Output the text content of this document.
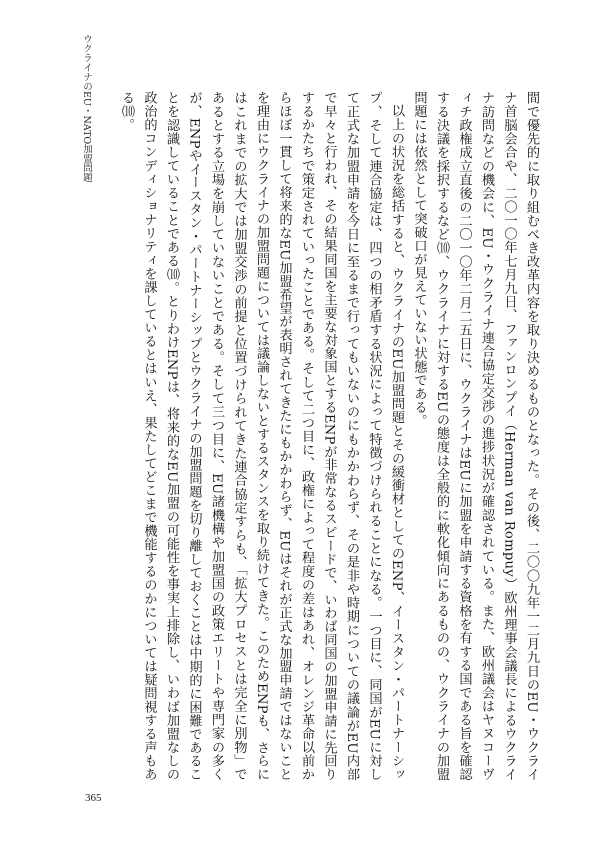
ウクライナのEU・NATO加盟問題	間で優先的に取り組むべき改革内容を取り決めるものとなった。その後、二〇〇九年一二月九日のEU・ウクライナ首脳会合や、二〇一〇年七月九日、ファンロンプイ（Herman van Rompuy）欧州理事会議長によるウクライナ訪問などの機会に、EU・ウクライナ連合協定交渉の進捗状況が確認されている。また、欧州議会はヤヌコーヴィチ政権成立直後の二〇一〇年二月二五日に、ウクライナはEUに加盟を申請する資格を有する国である旨を確認する決議を採択するなど⑽、ウクライナに対するEUの態度は全般的に軟化傾向にあるものの、ウクライナの加盟問題には依然として突破口が見えていない状態である。

以上の状況を総括すると、ウクライナのEU加盟問題とその緩衝材としてのENP、イースタン・パートナーシップ、そして連合協定は、四つの相矛盾する状況によって特徴づけられることになる。一つ目に、同国がEUに対して正式な加盟申請を今日に至るまで行ってもいないのにもかかわらず、その是非や時期についての議論がEU内部で早々と行われ、その結果同国を主要な対象国とするENPが非常なるスピードで、いわば同国の加盟申請に先回りするかたちで策定されていったことである。そして二つ目に、政権によって程度の差はあれ、オレンジ革命以前からほぼ一貫して将来的なEU加盟希望が表明されてきたにもかかわらず、EUはそれが正式な加盟申請ではないことを理由にウクライナの加盟問題については議論しないとするスタンスを取り続けてきた。このためENPも、さらにはこれまでの拡大では加盟交渉の前提と位置づけられてきた連合協定すらも、「拡大プロセスとは完全に別物」であるとする立場を崩していないことである。そして三つ目に、EU諸機構や加盟国の政策エリートや専門家の多くが、ENPやイースタン・パートナーシップとウクライナの加盟問題を切り離しておくことは中期的に困難であることを認識していることである⑽。とりわけENPは、将来的なEU加盟の可能性を事実上排除し、いわば加盟なしの政治的コンディショナリティを課しているとはいえ、果たしてどこまで機能するのかについては疑問視する声もある⑽。

365
